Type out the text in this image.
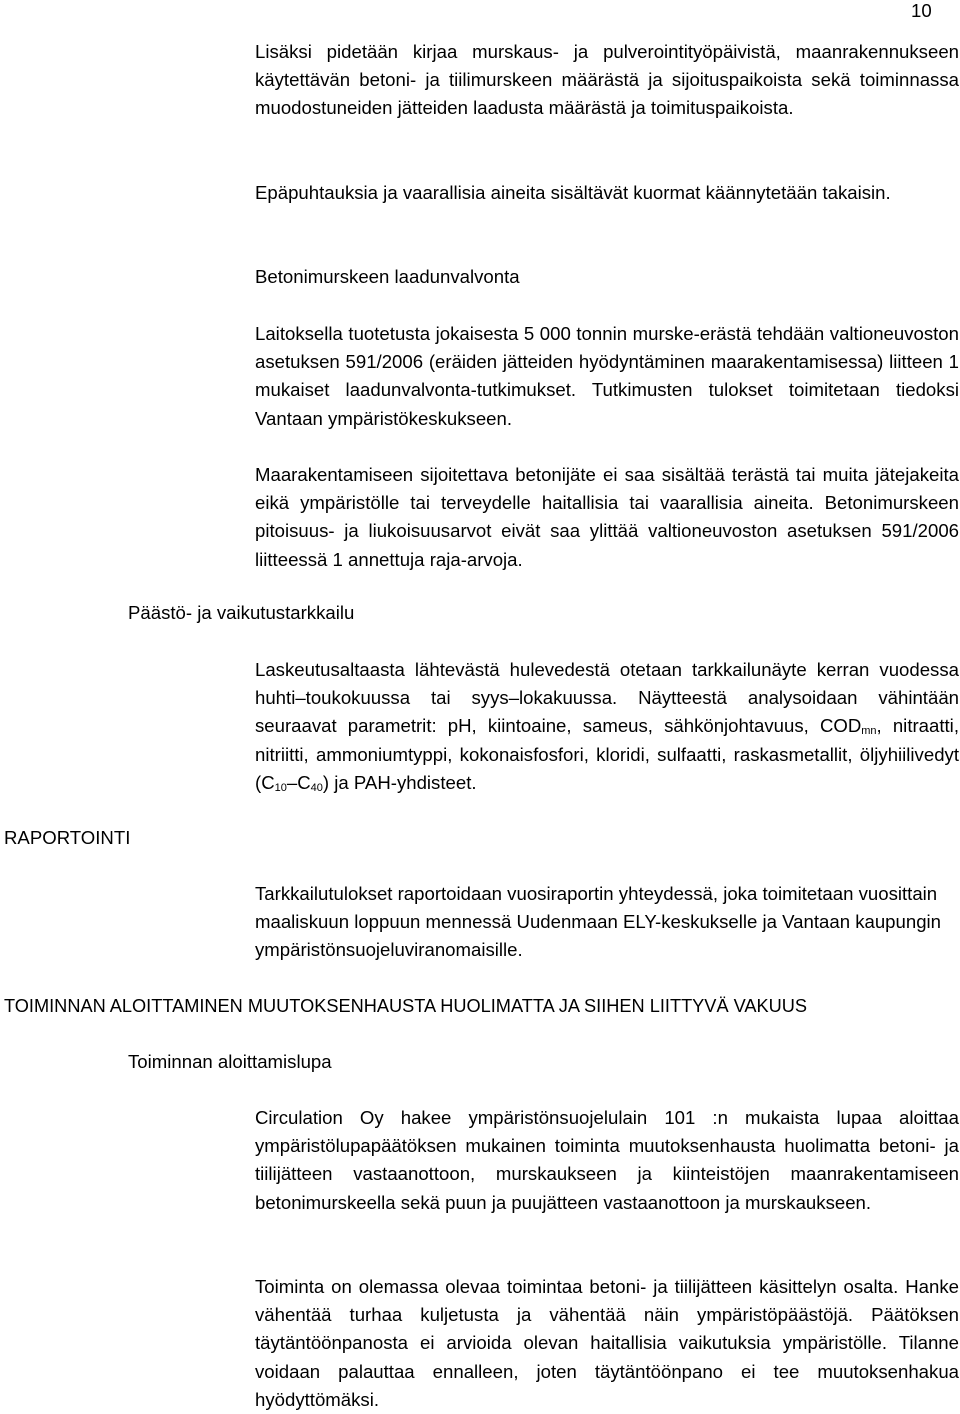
10
Lisäksi pidetään kirjaa murskaus- ja pulverointityöpäivistä, maanrakennukseen käytettävän betoni- ja tiilimurskeen määrästä ja sijoituspaikoista sekä toiminnassa muodostuneiden jätteiden laadusta määrästä ja toimituspaikoista.
Epäpuhtauksia ja vaarallisia aineita sisältävät kuormat käännytetään takaisin.
Betonimurskeen laadunvalvonta
Laitoksella tuotetusta jokaisesta 5 000 tonnin murske-erästä tehdään valtioneuvoston asetuksen 591/2006 (eräiden jätteiden hyödyntäminen maarakentamisessa) liitteen 1 mukaiset laadunvalvonta-tutkimukset. Tutkimusten tulokset toimitetaan tiedoksi Vantaan ympäristökeskukseen.
Maarakentamiseen sijoitettava betonijäte ei saa sisältää terästä tai muita jätejakeita eikä ympäristölle tai terveydelle haitallisia tai vaarallisia aineita. Betonimurskeen pitoisuus- ja liukoisuusarvot eivät saa ylittää valtioneuvoston asetuksen 591/2006 liitteessä 1 annettuja raja-arvoja.
Päästö- ja vaikutustarkkailu
Laskeutusaltaasta lähtevästä hulevedestä otetaan tarkkailunäyte kerran vuodessa huhti–toukokuussa tai syys–lokakuussa. Näytteestä analysoidaan vähintään seuraavat parametrit: pH, kiintoaine, sameus, sähkönjohtavuus, $COD_{mn}$, nitraatti, nitriitti, ammoniumtyppi, kokonaisfosfori, kloridi, sulfaatti, raskasmetallit, öljyhiilivedyt $(C_{10}-C_{40})$ ja PAH-yhdisteet.
RAPORTOINTI
Tarkkailutulokset raportoidaan vuosiraportin yhteydessä, joka toimitetaan vuosittain maaliskuun loppuun mennessä Uudenmaan ELY-keskukselle ja Vantaan kaupungin ympäristönsuojeluviranomaisille.
TOIMINNAN ALOITTAMINEN MUUTOKSENHAUSTA HUOLIMATTA JA SIIHEN LIITTYVÄ VAKUUS
Toiminnan aloittamislupa
Circulation Oy hakee ympäristönsuojelulain 101 :n mukaista lupaa aloittaa ympäristölupapäätöksen mukainen toiminta muutoksenhausta huolimatta betoni- ja tiilijätteen vastaanottoon, murskaukseen ja kiinteistöjen maanrakentamiseen betonimurskeella sekä puun ja puujätteen vastaanottoon ja murskaukseen.
Toiminta on olemassa olevaa toimintaa betoni- ja tiilijätteen käsittelyn osalta. Hanke vähentää turhaa kuljetusta ja vähentää näin ympäristöpäästöjä. Päätöksen täytäntöönpanosta ei arvioida olevan haitallisia vaikutuksia ympäristölle. Tilanne voidaan palauttaa ennalleen, joten täytäntöönpano ei tee muutoksenhakua hyödyttömäksi.
